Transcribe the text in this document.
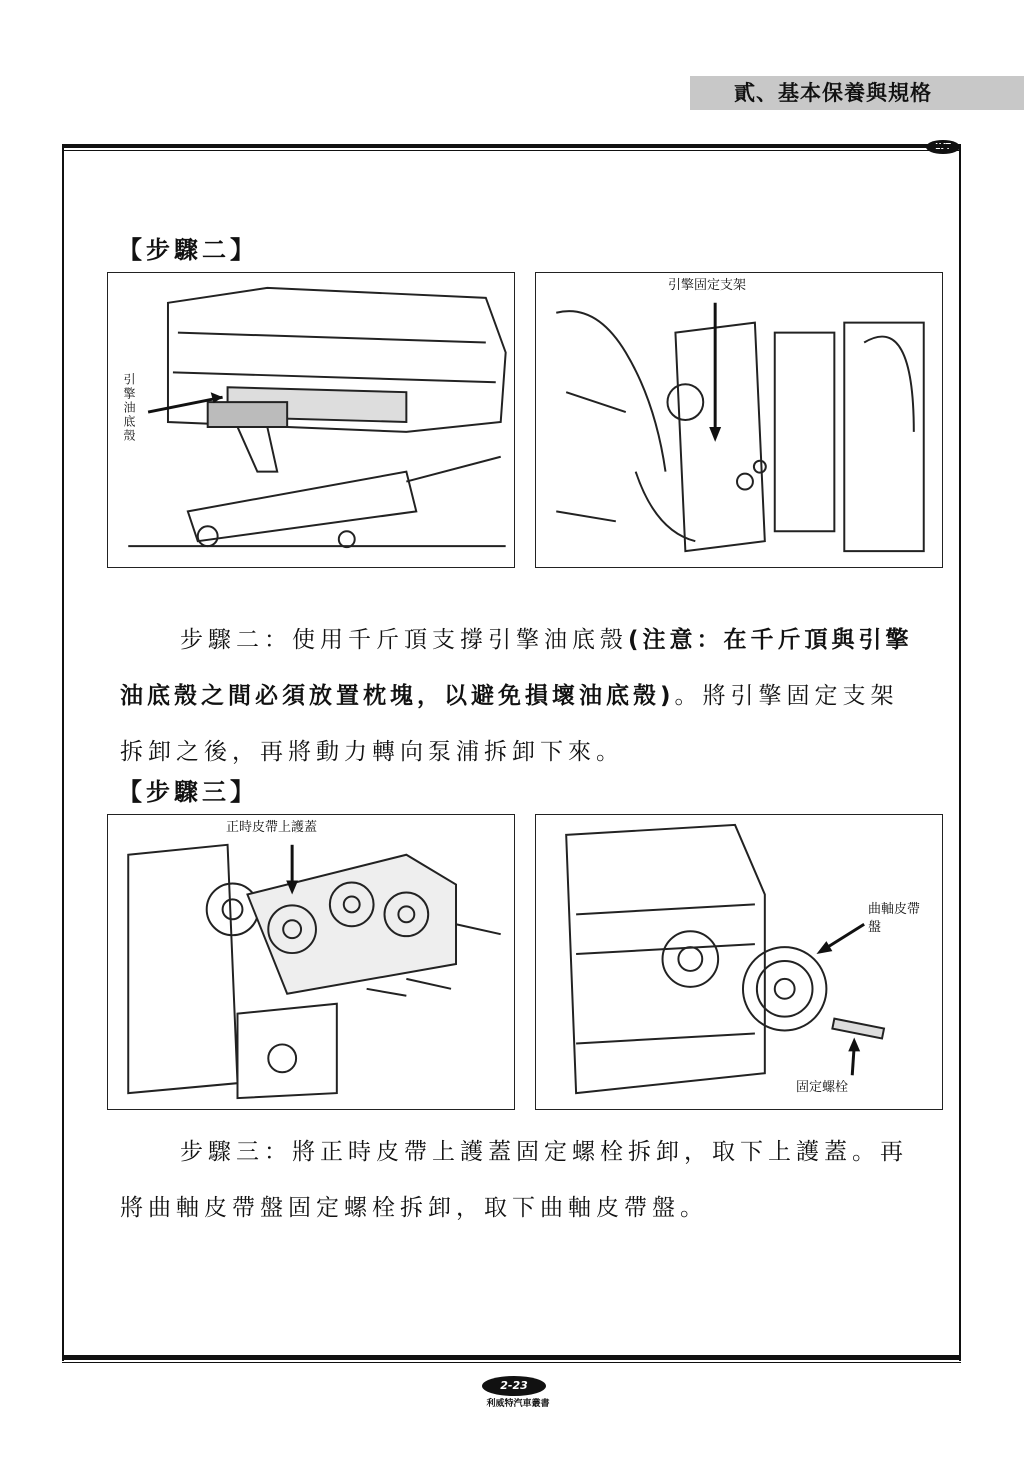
貳、基本保養與規格
【步驟二】
引擎油底殼
引擎固定支架

步驟二：使用千斤頂支撐引擎油底殼(注意：在千斤頂與引擎油底殼之間必須放置枕塊，以避免損壞油底殼)。將引擎固定支架拆卸之後，再將動力轉向泵浦拆卸下來。

【步驟三】
正時皮帶上護蓋
曲軸皮帶盤
固定螺栓

步驟三：將正時皮帶上護蓋固定螺栓拆卸，取下上護蓋。再將曲軸皮帶盤固定螺栓拆卸，取下曲軸皮帶盤。

2-23
利威特汽車叢書
